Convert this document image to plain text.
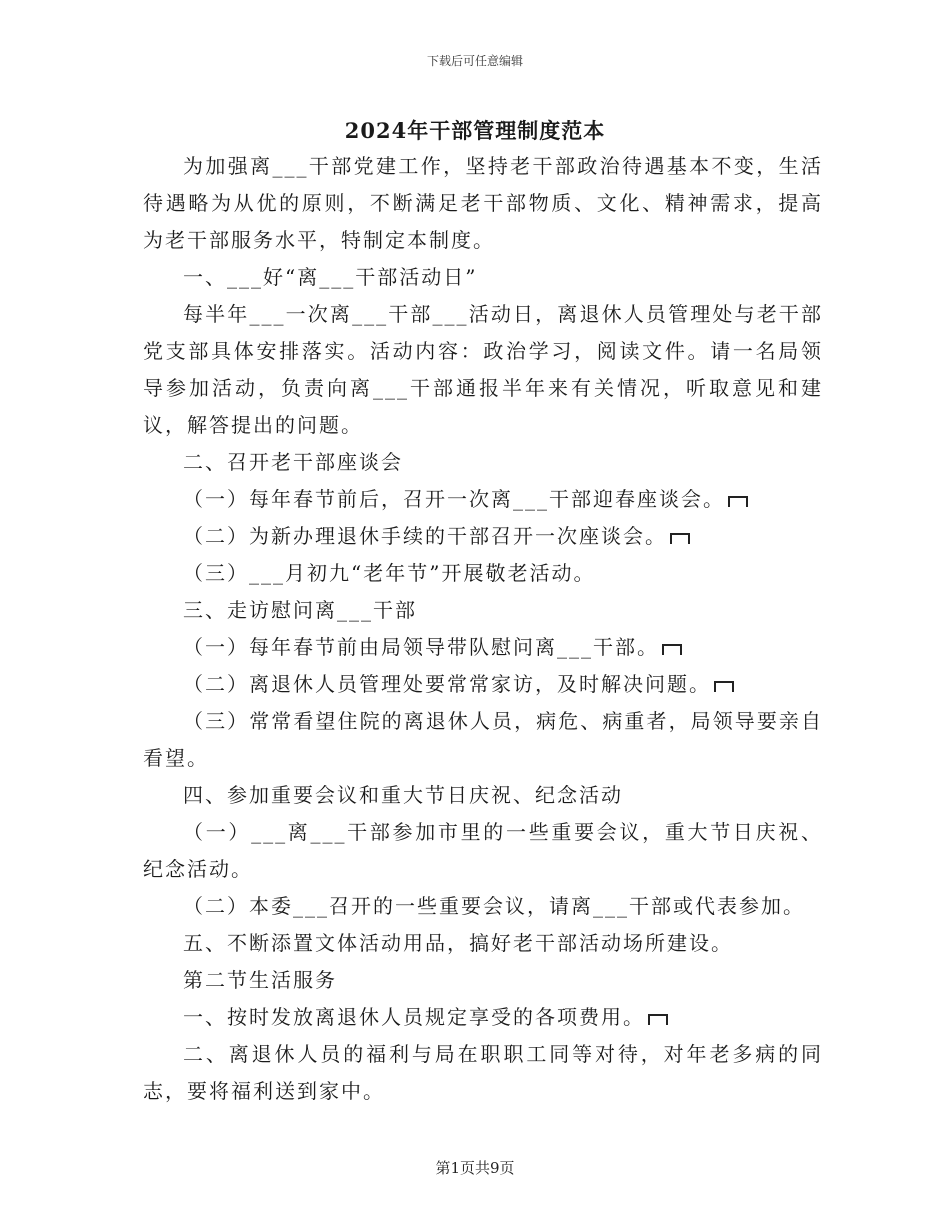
下载后可任意编辑
2024年干部管理制度范本

为加强离___干部党建工作，坚持老干部政治待遇基本不变，生活待遇略为从优的原则，不断满足老干部物质、文化、精神需求，提高为老干部服务水平，特制定本制度。

一、___好“离___干部活动日”

每半年___一次离___干部___活动日，离退休人员管理处与老干部党支部具体安排落实。活动内容：政治学习，阅读文件。请一名局领导参加活动，负责向离___干部通报半年来有关情况，听取意见和建议，解答提出的问题。

二、召开老干部座谈会

（一）每年春节前后，召开一次离___干部迎春座谈会。

（二）为新办理退休手续的干部召开一次座谈会。

（三）___月初九“老年节”开展敬老活动。

三、走访慰问离___干部

（一）每年春节前由局领导带队慰问离___干部。

（二）离退休人员管理处要常常家访，及时解决问题。

（三）常常看望住院的离退休人员，病危、病重者，局领导要亲自看望。

四、参加重要会议和重大节日庆祝、纪念活动

（一）___离___干部参加市里的一些重要会议，重大节日庆祝、纪念活动。

（二）本委___召开的一些重要会议，请离___干部或代表参加。

五、不断添置文体活动用品，搞好老干部活动场所建设。

第二节生活服务

一、按时发放离退休人员规定享受的各项费用。

二、离退休人员的福利与局在职职工同等对待，对年老多病的同志，要将福利送到家中。

第1页共9页
